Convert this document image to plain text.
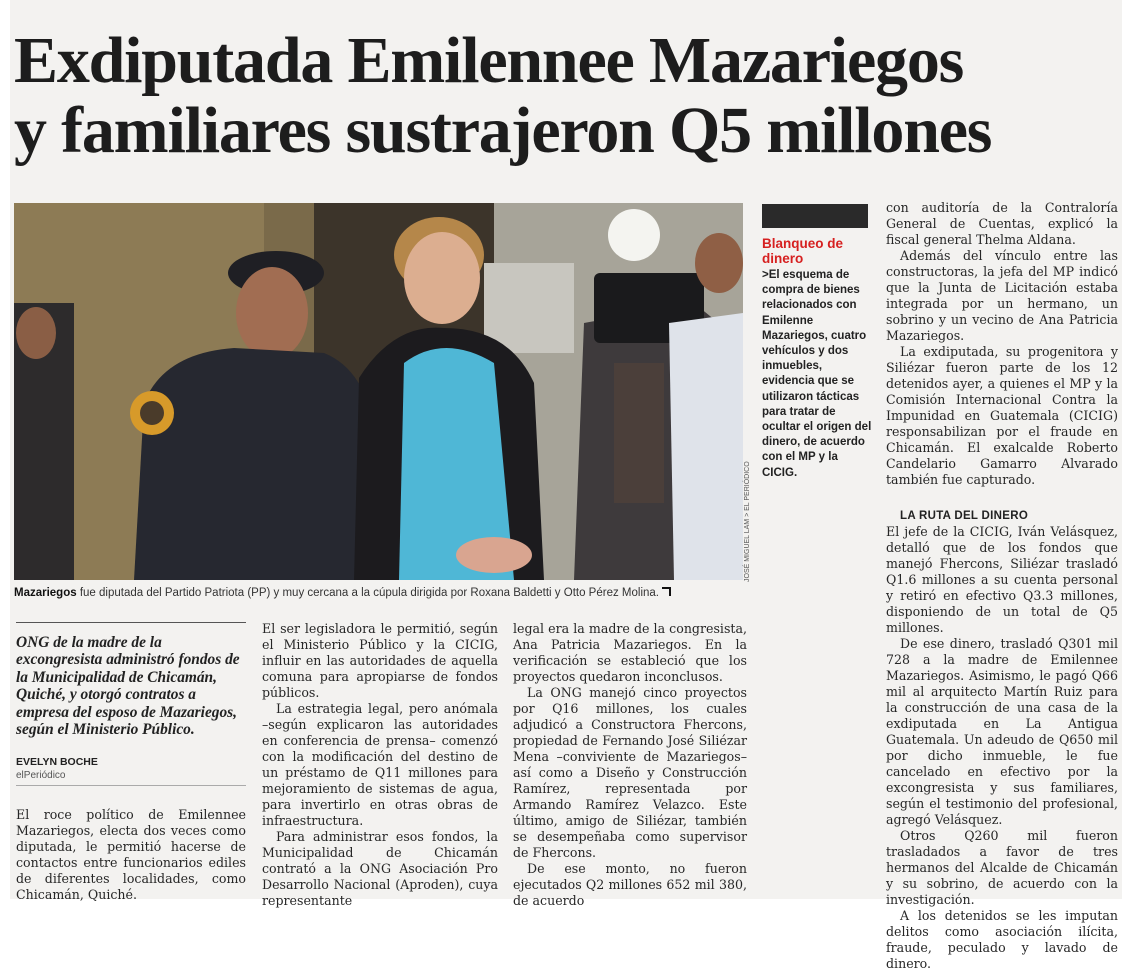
Exdiputada Emilennee Mazariegos
y familiares sustrajeron Q5 millones
JOSÉ MIGUEL LAM > EL PERIÓDICO
Mazariegos fue diputada del Partido Patriota (PP) y muy cercana a la cúpula dirigida por Roxana Baldetti y Otto Pérez Molina.
Blanqueo de dinero
>El esquema de compra de bienes relacionados con Emilenne Mazariegos, cuatro vehículos y dos inmuebles, evidencia que se utilizaron tácticas para tratar de ocultar el origen del dinero, de acuerdo con el MP y la CICIG.
ONG de la madre de la excongresista administró fondos de la Municipalidad de Chicamán, Quiché, y otorgó contratos a empresa del esposo de Mazariegos, según el Ministerio Público.
EVELYN BOCHE
elPeriódico

El roce político de Emilennee Mazariegos, electa dos veces como diputada, le permitió hacerse de contactos entre funcionarios ediles de diferentes localidades, como Chicamán, Quiché.

El ser legisladora le permitió, según el Ministerio Público y la CICIG, influir en las autoridades de aquella comuna para apropiarse de fondos públicos.

La estrategia legal, pero anómala –según explicaron las autoridades en conferencia de prensa– comenzó con la modificación del destino de un préstamo de Q11 millones para mejoramiento de sistemas de agua, para invertirlo en otras obras de infraestructura.

Para administrar esos fondos, la Municipalidad de Chicamán contrató a la ONG Asociación Pro Desarrollo Nacional (Aproden), cuya representante

legal era la madre de la congresista, Ana Patricia Mazariegos. En la verificación se estableció que los proyectos quedaron inconclusos.

La ONG manejó cinco proyectos por Q16 millones, los cuales adjudicó a Constructora Fhercons, propiedad de Fernando José Siliézar Mena –conviviente de Mazariegos– así como a Diseño y Construcción Ramírez, representada por Armando Ramírez Velazco. Este último, amigo de Siliézar, también se desempeñaba como supervisor de Fhercons.

De ese monto, no fueron ejecutados Q2 millones 652 mil 380, de acuerdo

con auditoría de la Contraloría General de Cuentas, explicó la fiscal general Thelma Aldana.

Además del vínculo entre las constructoras, la jefa del MP indicó que la Junta de Licitación estaba integrada por un hermano, un sobrino y un vecino de Ana Patricia Mazariegos.

La exdiputada, su progenitora y Siliézar fueron parte de los 12 detenidos ayer, a quienes el MP y la Comisión Internacional Contra la Impunidad en Guatemala (CICIG) responsabilizan por el fraude en Chicamán. El exalcalde Roberto Candelario Gamarro Alvarado también fue capturado.

LA RUTA DEL DINERO

El jefe de la CICIG, Iván Velásquez, detalló que de los fondos que manejó Fhercons, Siliézar trasladó Q1.6 millones a su cuenta personal y retiró en efectivo Q3.3 millones, disponiendo de un total de Q5 millones.

De ese dinero, trasladó Q301 mil 728 a la madre de Emilennee Mazariegos. Asimismo, le pagó Q66 mil al arquitecto Martín Ruiz para la construcción de una casa de la exdiputada en La Antigua Guatemala. Un adeudo de Q650 mil por dicho inmueble, le fue cancelado en efectivo por la excongresista y sus familiares, según el testimonio del profesional, agregó Velásquez.

Otros Q260 mil fueron trasladados a favor de tres hermanos del Alcalde de Chicamán y su sobrino, de acuerdo con la investigación.

A los detenidos se les imputan delitos como asociación ilícita, fraude, peculado y lavado de dinero.
